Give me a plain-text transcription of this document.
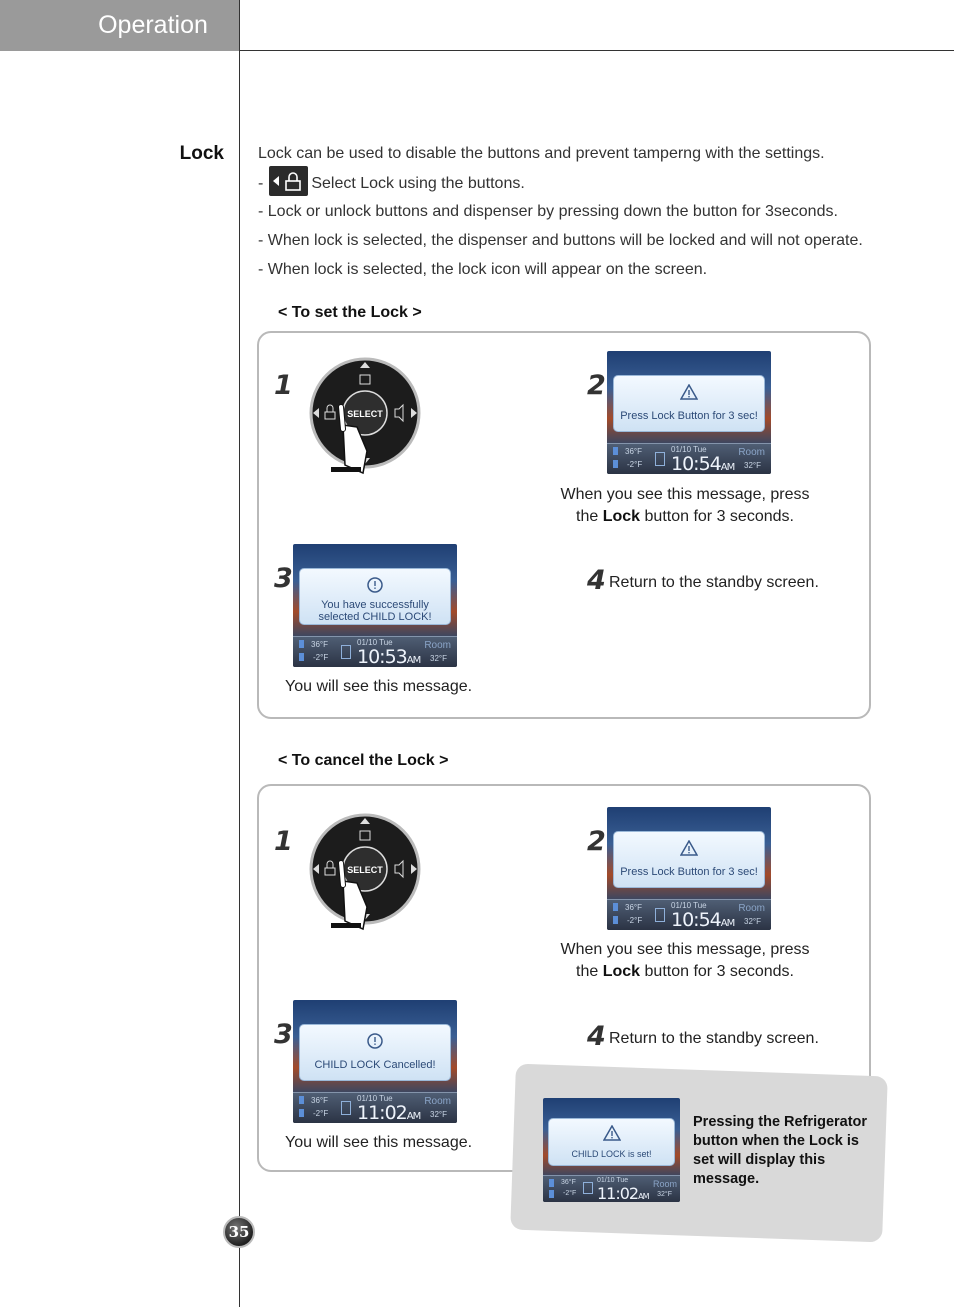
Operation
Lock Lock can be used to disable the buttons and prevent tamperng with the settings.
-	Select Lock using the buttons.
- Lock or unlock buttons and dispenser by pressing down the button for 3seconds.
- When lock is selected, the dispenser and buttons will be locked and will not operate.
- When lock is selected, the lock icon will appear on the screen.
< To set the Lock >
1
SELECT
2
Press Lock Button for 3 sec!
36°F
-2°F
01/10 Tue
10:54AM
Room
32°F
When you see this message, press
the Lock button for 3 seconds.
3
You have successfully
selected CHILD LOCK!
36°F
-2°F
01/10 Tue
10:53AM
Room
32°F
You will see this message.
4 Return to the standby screen.
< To cancel the Lock >
1
SELECT
2
Press Lock Button for 3 sec!
36°F
-2°F
01/10 Tue
10:54AM
Room
32°F
When you see this message, press
the Lock button for 3 seconds.
3
CHILD LOCK Cancelled!
36°F
-2°F
01/10 Tue
11:02AM
Room
32°F
You will see this message.
4 Return to the standby screen.
CHILD LOCK is set!
36°F
-2°F
01/10 Tue
11:02AM
Room
32°F
Pressing the Refrigerator button when the Lock is set will display this message.
35
